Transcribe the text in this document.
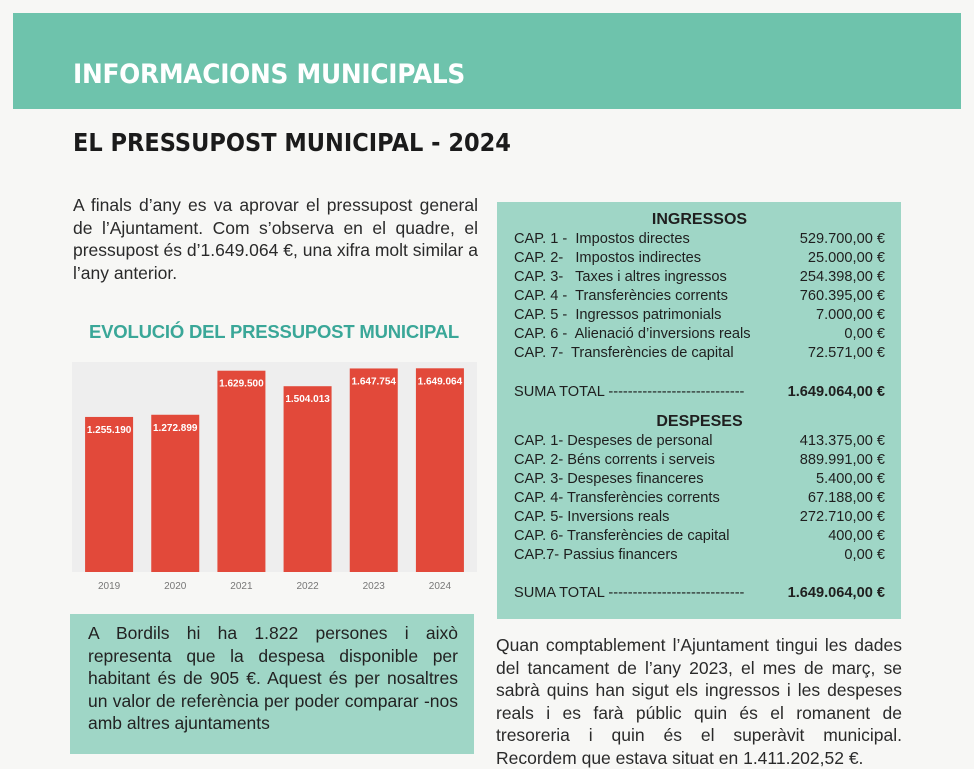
INFORMACIONS MUNICIPALS
EL PRESSUPOST MUNICIPAL - 2024

A finals d’any es va aprovar el pressupost general de l’Ajuntament. Com s’observa en el quadre, el pressupost és d’1.649.064 €, una xifra molt similar a l’any anterior.

EVOLUCIÓ DEL PRESSUPOST MUNICIPAL
1.255.190
2019
1.272.899
2020
1.629.500
2021
1.504.013
2022
1.647.754
2023
1.649.064
2024

A Bordils hi ha 1.822 persones i això representa que la despesa disponible per habitant és de 905 €. Aquest és per nosaltres un valor de referència per poder comparar -nos amb altres ajuntaments

INGRESSOS
CAP. 1 -  Impostos directes	529.700,00 €
CAP. 2-   Impostos indirectes	25.000,00 €
CAP. 3-   Taxes i altres ingressos	254.398,00 €
CAP. 4 -  Transferències corrents	760.395,00 €
CAP. 5 -  Ingressos patrimonials	7.000,00 €
CAP. 6 -  Alienació d’inversions reals	0,00 €
CAP. 7-  Transferències de capital	72.571,00 €
SUMA TOTAL ----------------------------	1.649.064,00 €
DESPESES
CAP. 1- Despeses de personal	413.375,00 €
CAP. 2- Béns corrents i serveis	889.991,00 €
CAP. 3- Despeses financeres	5.400,00 €
CAP. 4- Transferències corrents	67.188,00 €
CAP. 5- Inversions reals	272.710,00 €
CAP. 6- Transferències de capital	400,00 €
CAP.7- Passius financers	0,00 €
SUMA TOTAL ----------------------------	1.649.064,00 €

Quan comptablement l’Ajuntament tingui les dades del tancament de l’any 2023, el mes de març, se sabrà quins han sigut els ingressos i les despeses reals i es farà públic quin és el romanent de tresoreria i quin és el superàvit municipal. Recordem que estava situat en 1.411.202,52 €.
